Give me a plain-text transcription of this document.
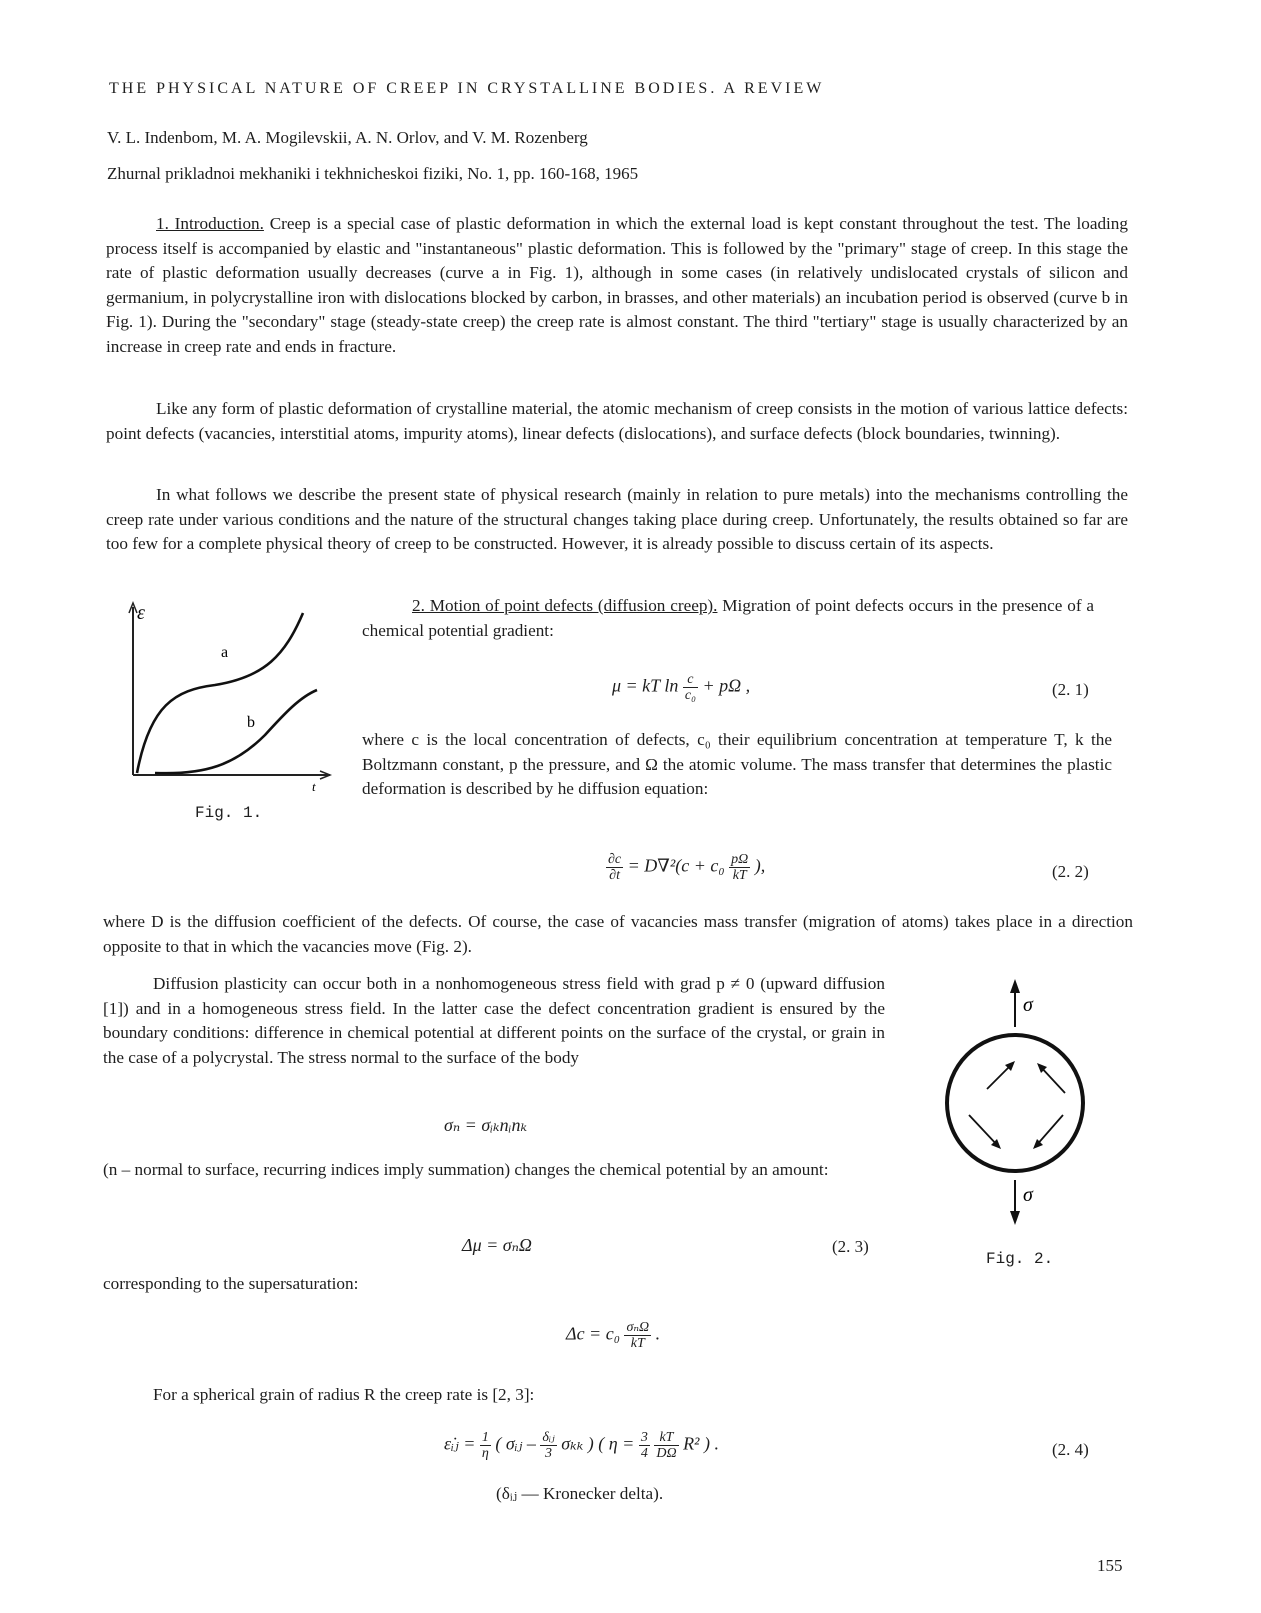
THE PHYSICAL NATURE OF CREEP IN CRYSTALLINE BODIES. A REVIEW
V. L. Indenbom, M. A. Mogilevskii, A. N. Orlov, and V. M. Rozenberg
Zhurnal prikladnoi mekhaniki i tekhnicheskoi fiziki, No. 1, pp. 160-168, 1965

1. Introduction. Creep is a special case of plastic deformation in which the external load is kept constant throughout the test. The loading process itself is accompanied by elastic and "instantaneous" plastic deformation. This is followed by the "primary" stage of creep. In this stage the rate of plastic deformation usually decreases (curve a in Fig. 1), although in some cases (in relatively undislocated crystals of silicon and germanium, in polycrystalline iron with dislocations blocked by carbon, in brasses, and other materials) an incubation period is observed (curve b in Fig. 1). During the "secondary" stage (steady-state creep) the creep rate is almost constant. The third "tertiary" stage is usually characterized by an increase in creep rate and ends in fracture.

Like any form of plastic deformation of crystalline material, the atomic mechanism of creep consists in the motion of various lattice defects: point defects (vacancies, interstitial atoms, impurity atoms), linear defects (dislocations), and surface defects (block boundaries, twinning).

In what follows we describe the present state of physical research (mainly in relation to pure metals) into the mechanisms controlling the creep rate under various conditions and the nature of the structural changes taking place during creep. Unfortunately, the results obtained so far are too few for a complete physical theory of creep to be constructed. However, it is already possible to discuss certain of its aspects.

ε
t
a
b
Fig. 1.

2. Motion of point defects (diffusion creep). Migration of point defects occurs in the presence of a chemical potential gradient:

μ = kT $\ln \frac{c}{\text{c₀}} + p\Omega$ ,	(2. 1)

where c is the local concentration of defects, c₀ their equilibrium concentration at temperature T, k the Boltzmann constant, p the pressure, and Ω the atomic volume. The mass transfer that determines the plastic deformation is described by he diffusion equation:

$\frac{\partial c}{\partial t} = D\nabla^2(c + c_0 \frac{p\Omega}{kT}$ ),	(2. 2)

where D is the diffusion coefficient of the defects. Of course, the case of vacancies mass transfer (migration of atoms) takes place in a direction opposite to that in which the vacancies move (Fig. 2).

Diffusion plasticity can occur both in a nonhomogeneous stress field with grad p ≠ 0 (upward diffusion [1]) and in a homogeneous stress field. In the latter case the defect concentration gradient is ensured by the boundary conditions: difference in chemical potential at different points on the surface of the crystal, or grain in the case of a polycrystal. The stress normal to the surface of the body

σₙ = σᵢₖnᵢnₖ

(n – normal to surface, recurring indices imply summation) changes the chemical potential by an amount:

Δμ = σₙΩ	(2. 3)
corresponding to the supersaturation:
$\Delta c = c_0 \frac{\text{σₙΩ}}{kT}$ .
For a spherical grain of radius R the creep rate is [2, 3]:
ε̇ᵢⱼ = $\frac{1}{\eta}$ ( σᵢⱼ – $\frac{\text{δᵢⱼ}}{3}$ σₖₖ ) ( $\eta = \frac{3}{4}$
$\frac{kT}{D\Omega} R^2$ ) .	(2. 4)
(δᵢⱼ — Kronecker delta).
σ
σ
Fig. 2.
155
